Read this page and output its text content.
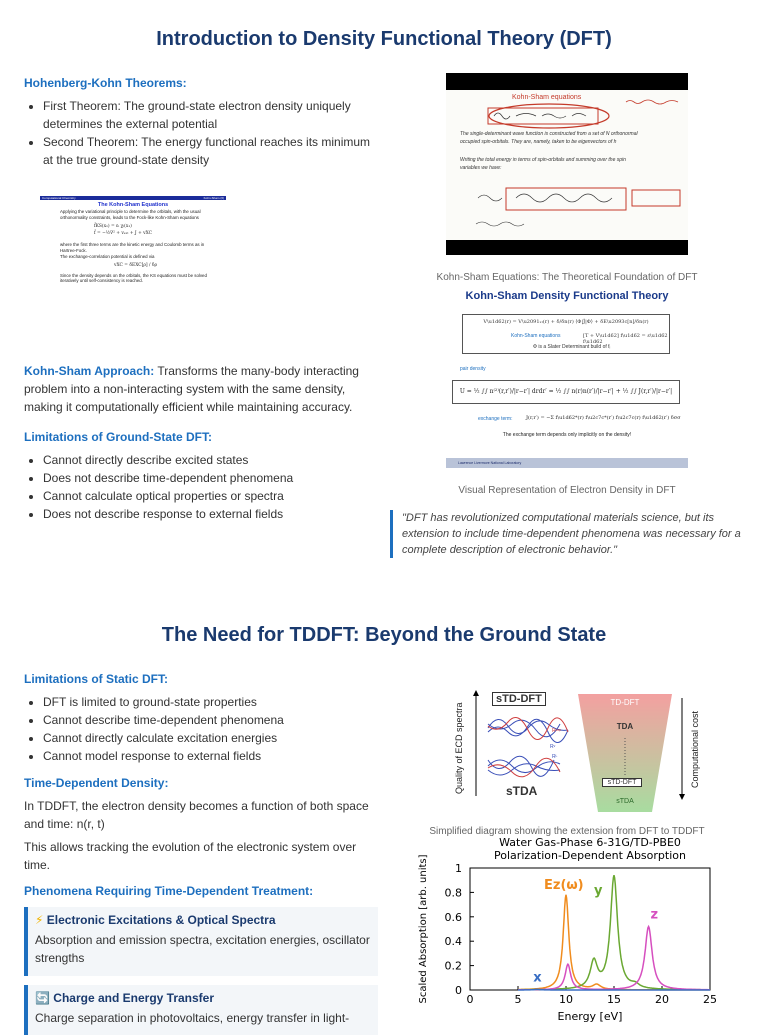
Introduction to Density Functional Theory (DFT)

Hohenberg-Kohn Theorems:

• First Theorem: The ground-state electron density uniquely determines the external potential
• Second Theorem: The energy functional reaches its minimum at the true ground-state density
Computational Chemistry	Kohn-Sham (6)
The Kohn-Sham Equations
Applying the variational principle to determine the orbitals, with the usual orthonormality constraints, leads to the Fock-like Kohn-Sham equations
f̂KS(x₁) = εᵢ χᵢ(x₁)
f̂ = −½∇² + vₑₓₜ + J + vXC
where the first three terms are the kinetic energy and Coulomb terms as in Hartree-Fock.
The exchange-correlation potential is defined via
vXC = δEXC[ρ] / δρ
Since the density depends on the orbitals, the KS equations must be solved iteratively until self-consistency is reached.

Kohn-Sham Approach: Transforms the many-body interacting problem into a non-interacting system with the same density, making it computationally efficient while maintaining accuracy.

Limitations of Ground-State DFT:

• Cannot directly describe excited states
• Does not describe time-dependent phenomena
• Cannot calculate optical properties or spectra
• Does not describe response to external fields
Kohn-Sham equations
The single-determinant wave function is constructed from a set of N orthonormal
occupied spin-orbitals. They are, namely, taken to be eigenvectors of h
Writing the total energy in terms of spin-orbitals and summing over the spin
variables we have:
Kohn-Sham Equations: The Theoretical Foundation of DFT
Kohn-Sham Density Functional Theory
V\u1d62(r) = V\u2091ₓₜ(r) + δ/δn(r) ⟨Φ|Ĵ|Φ⟩ + δE\u2093c[n]/δn(r)
Kohn-Sham equations	[T + V\u1d62] f\u1d62 = ε\u1d62 f\u1d62
Φ is a Slater Determinant build of fᵢ
pair density
U = ½ ∫∫ n⁽²⁾(r,r′)/|r−r′| drdr′ = ½ ∫∫ n(r)n(r′)/|r−r′| + ½ ∫∫ J(r,r′)/|r−r′|
exchange term:	J(r,r′) = −Σ f\u1d62*(r) f\u2c7c*(r′) f\u2c7c(r) f\u1d62(r′) δσσ
The exchange term depends only implicitly on the density!
Lawrence Livermore National Laboratory
Visual Representation of Electron Density in DFT
"DFT has revolutionized computational materials science, but its extension to include time-dependent phenomena was necessary for a complete description of electronic behavior."
The Need for TDDFT: Beyond the Ground State

Limitations of Static DFT:

• DFT is limited to ground-state properties
• Cannot describe time-dependent phenomena
• Cannot directly calculate excitation energies
• Cannot model response to external fields

Time-Dependent Density:

In TDDFT, the electron density becomes a function of both space and time: n(r, t)

This allows tracking the evolution of the electronic system over time.

Phenomena Requiring Time-Dependent Treatment:

⚡ Electronic Excitations & Optical Spectra

Absorption and emission spectra, excitation energies, oscillator strengths

🔄 Charge and Energy Transfer

Charge separation in photovoltaics, energy transfer in light-

Quality of ECD spectra
sTD-DFT
Rᵉˣᵖ
Rᵛ
Rᴸ
sTDA
TD-DFT
TDA
sTD-DFT
sTDA
Computational cost
Simplified diagram showing the extension from DFT to TDDFT
Water Gas-Phase 6-31G/TD-PBE0
Polarization-Dependent Absorption
0	5	10	15	20	25
0
0.2
0.4
0.6
0.8
1
Energy [eV]
Scaled Absorption [arb. units]	Ez(ω) y
z
x
